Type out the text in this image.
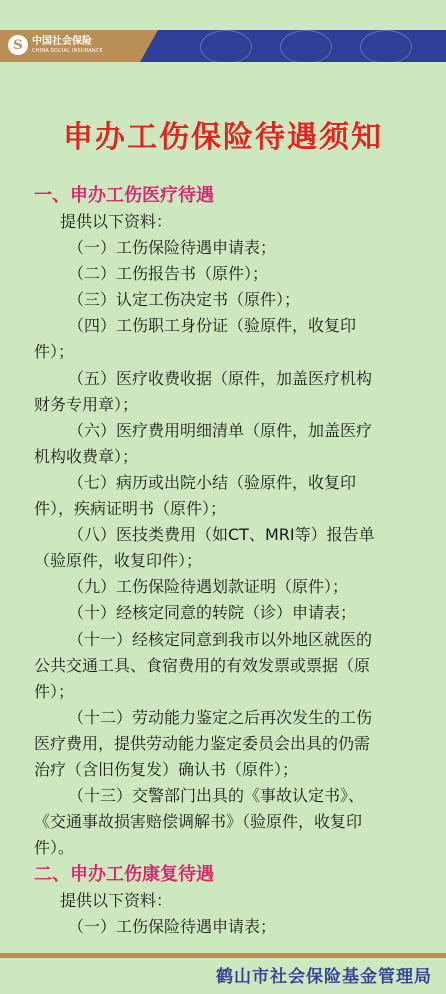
S 中国社会保险
CHINA SOCIAL INSURANCE
申办工伤保险待遇须知
一、申办工伤医疗待遇
提供以下资料：
（一）工伤保险待遇申请表；
（二）工伤报告书（原件）；
（三）认定工伤决定书（原件）；
（四）工伤职工身份证（验原件，收复印
件）；
（五）医疗收费收据（原件，加盖医疗机构
财务专用章）；
（六）医疗费用明细清单（原件，加盖医疗
机构收费章）；
（七）病历或出院小结（验原件，收复印
件），疾病证明书（原件）；
（八）医技类费用（如CT、MRI等）报告单
（验原件，收复印件）；
（九）工伤保险待遇划款证明（原件）；
（十）经核定同意的转院（诊）申请表；
（十一）经核定同意到我市以外地区就医的
公共交通工具、食宿费用的有效发票或票据（原
件）；
（十二）劳动能力鉴定之后再次发生的工伤
医疗费用，提供劳动能力鉴定委员会出具的仍需
治疗（含旧伤复发）确认书（原件）；
（十三）交警部门出具的《事故认定书》、
《交通事故损害赔偿调解书》（验原件，收复印
件）。
二、申办工伤康复待遇
提供以下资料：
（一）工伤保险待遇申请表；
鹤山市社会保险基金管理局
